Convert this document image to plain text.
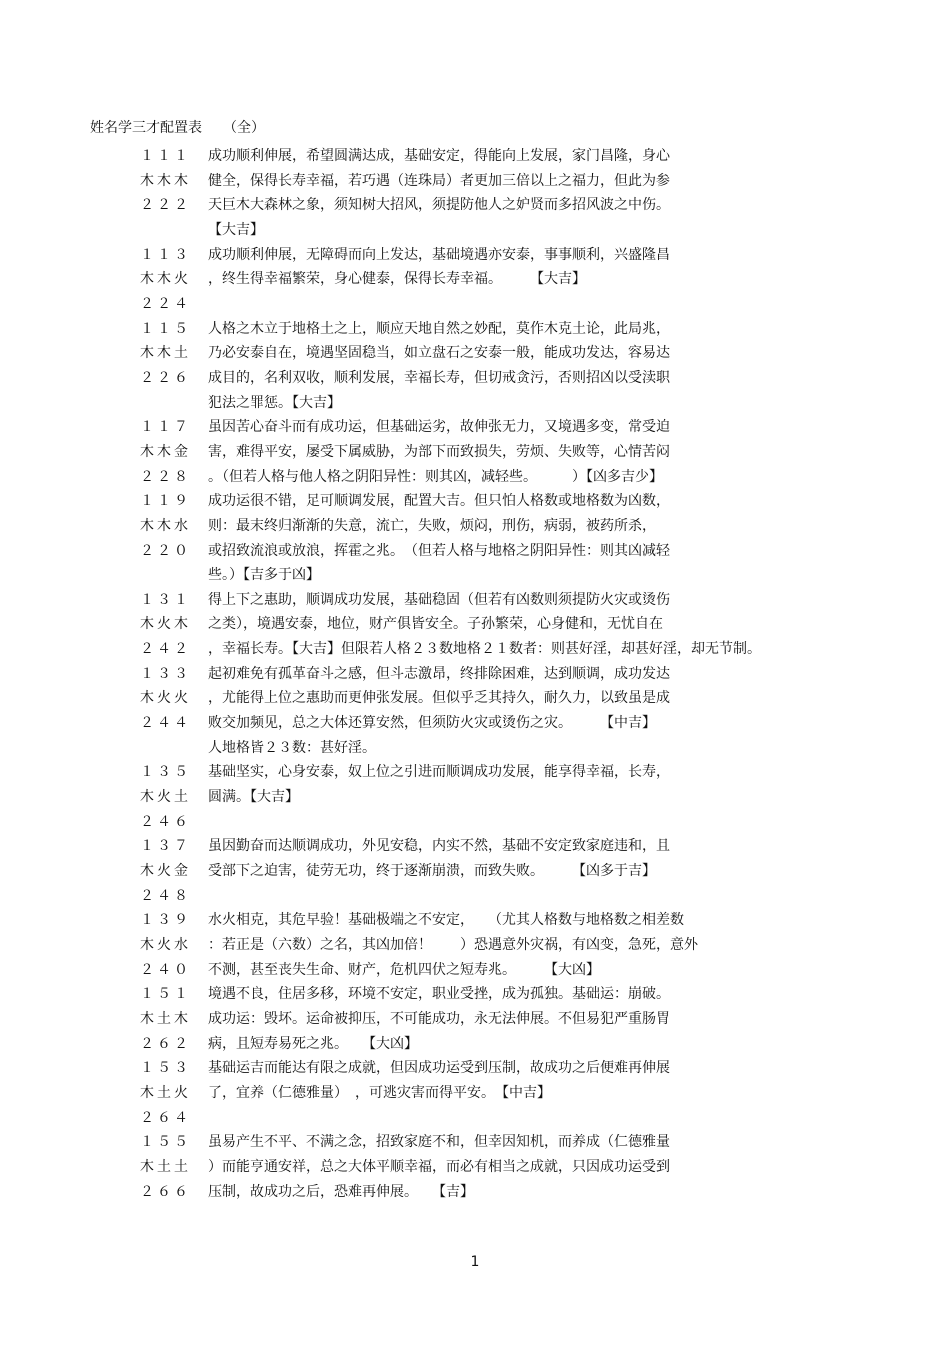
姓名学三才配置表　　（全）
１１１	成功顺利伸展，希望圆满达成，基础安定，得能向上发展，家门昌隆，身心
木木木	健全，保得长寿幸福，若巧遇（连珠局）者更加三倍以上之福力，但此为参
２２２	天巨木大森林之象，须知树大招风，须提防他人之妒贤而多招风波之中伤。
【大吉】
１１３	成功顺利伸展，无障碍而向上发达，基础境遇亦安泰，事事顺利，兴盛隆昌
木木火	，终生得幸福繁荣，身心健泰，保得长寿幸福。　　　【大吉】
２２４
１１５	人格之木立于地格土之上，顺应天地自然之妙配，莫作木克土论，此局兆，
木木土	乃必安泰自在，境遇坚固稳当，如立盘石之安泰一般，能成功发达，容易达
２２６	成目的，名利双收，顺利发展，幸福长寿，但切戒贪污，否则招凶以受渎职
犯法之罪惩。【大吉】
１１７	虽因苦心奋斗而有成功运，但基础运劣，故伸张无力，又境遇多变，常受迫
木木金	害，难得平安，屡受下属威胁，为部下而致损失，劳烦、失败等，心情苦闷
２２８	。（但若人格与他人格之阴阳异性：则其凶，减轻些。　　　）【凶多吉少】
１１９	成功运很不错，足可顺调发展，配置大吉。但只怕人格数或地格数为凶数，
木木水	则：最末终归渐渐的失意，流亡，失败，烦闷，刑伤，病弱，被药所杀，
２２０	或招致流浪或放浪，挥霍之兆。　（但若人格与地格之阴阳异性：则其凶减轻
些。）【吉多于凶】
１３１	得上下之惠助，顺调成功发展，基础稳固（但若有凶数则须提防火灾或烫伤
木火木	之类），境遇安泰，地位，财产俱皆安全。子孙繁荣，心身健和，无忧自在
２４２	，幸福长寿。【大吉】但限若人格２３数地格２１数者：则甚好淫，却甚好淫，却无节制。
１３３	起初难免有孤革奋斗之感，但斗志激昂，终排除困难，达到顺调，成功发达
木火火	，尤能得上位之惠助而更伸张发展。但似乎乏其持久，耐久力，以致虽是成
２４４	败交加频见，总之大体还算安然，但须防火灾或烫伤之灾。　　　【中吉】
人地格皆２３数：甚好淫。
１３５	基础坚实，心身安泰，奴上位之引进而顺调成功发展，能享得幸福，长寿，
木火土	圆满。【大吉】
２４６
１３７	虽因勤奋而达顺调成功，外见安稳，内实不然，基础不安定致家庭违和，且
木火金	受部下之迫害，徒劳无功，终于逐渐崩溃，而致失败。　　　【凶多于吉】
２４８
１３９	水火相克，其危早验！基础极端之不安定，　　（尤其人格数与地格数之相差数
木火水	：若正是（六数）之名，其凶加倍！　　）恐遇意外灾祸，有凶变，急死，意外
２４０	不测，甚至丧失生命、财产，危机四伏之短寿兆。　　　【大凶】
１５１	境遇不良，住居多移，环境不安定，职业受挫，成为孤独。基础运：崩破。
木土木	成功运：毁坏。运命被抑压，不可能成功，永无法伸展。不但易犯严重肠胃
２６２	病，且短寿易死之兆。　　【大凶】
１５３	基础运吉而能达有限之成就，但因成功运受到压制，故成功之后便难再伸展
木土火	了，宜养（仁德雅量）　，可逃灾害而得平安。　【中吉】
２６４
１５５	虽易产生不平、不满之念，招致家庭不和，但幸因知机，而养成（仁德雅量
木土土	）而能亨通安祥，总之大体平顺幸福，而必有相当之成就，只因成功运受到
２６６	压制，故成功之后，恐难再伸展。　　【吉】
1
